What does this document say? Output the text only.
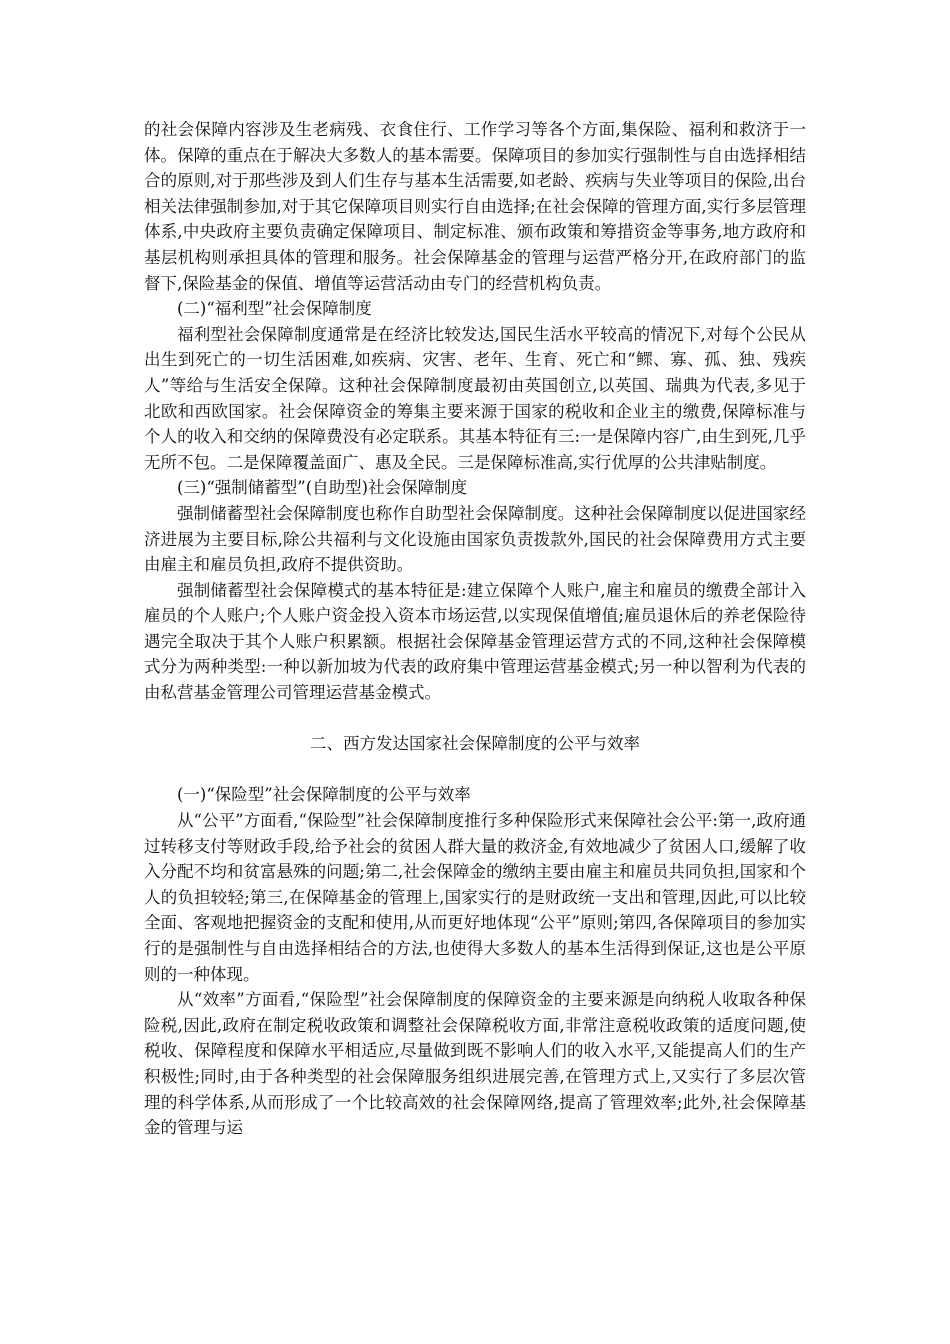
的社会保障内容涉及生老病残、衣食住行、工作学习等各个方面,集保险、福利和救济于一体。保障的重点在于解决大多数人的基本需要。保障项目的参加实行强制性与自由选择相结合的原则,对于那些涉及到人们生存与基本生活需要,如老龄、疾病与失业等项目的保险,出台相关法律强制参加,对于其它保障项目则实行自由选择;在社会保障的管理方面,实行多层管理体系,中央政府主要负责确定保障项目、制定标准、颁布政策和筹措资金等事务,地方政府和基层机构则承担具体的管理和服务。社会保障基金的管理与运营严格分开,在政府部门的监督下,保险基金的保值、增值等运营活动由专门的经营机构负责。

(二)“福利型”社会保障制度

福利型社会保障制度通常是在经济比较发达,国民生活水平较高的情况下,对每个公民从出生到死亡的一切生活困难,如疾病、灾害、老年、生育、死亡和“鳏、寡、孤、独、残疾人”等给与生活安全保障。这种社会保障制度最初由英国创立,以英国、瑞典为代表,多见于北欧和西欧国家。社会保障资金的筹集主要来源于国家的税收和企业主的缴费,保障标准与个人的收入和交纳的保障费没有必定联系。其基本特征有三:一是保障内容广,由生到死,几乎无所不包。二是保障覆盖面广、惠及全民。三是保障标准高,实行优厚的公共津贴制度。

(三)“强制储蓄型”(自助型)社会保障制度

强制储蓄型社会保障制度也称作自助型社会保障制度。这种社会保障制度以促进国家经济进展为主要目标,除公共福利与文化设施由国家负责拨款外,国民的社会保障费用方式主要由雇主和雇员负担,政府不提供资助。

强制储蓄型社会保障模式的基本特征是:建立保障个人账户,雇主和雇员的缴费全部计入雇员的个人账户;个人账户资金投入资本市场运营,以实现保值增值;雇员退休后的养老保险待遇完全取决于其个人账户积累额。根据社会保障基金管理运营方式的不同,这种社会保障模式分为两种类型:一种以新加坡为代表的政府集中管理运营基金模式;另一种以智利为代表的由私营基金管理公司管理运营基金模式。

二、西方发达国家社会保障制度的公平与效率

(一)“保险型”社会保障制度的公平与效率

从“公平”方面看,“保险型”社会保障制度推行多种保险形式来保障社会公平:第一,政府通过转移支付等财政手段,给予社会的贫困人群大量的救济金,有效地减少了贫困人口,缓解了收入分配不均和贫富悬殊的问题;第二,社会保障金的缴纳主要由雇主和雇员共同负担,国家和个人的负担较轻;第三,在保障基金的管理上,国家实行的是财政统一支出和管理,因此,可以比较全面、客观地把握资金的支配和使用,从而更好地体现“公平”原则;第四,各保障项目的参加实行的是强制性与自由选择相结合的方法,也使得大多数人的基本生活得到保证,这也是公平原则的一种体现。

从“效率”方面看,“保险型”社会保障制度的保障资金的主要来源是向纳税人收取各种保险税,因此,政府在制定税收政策和调整社会保障税收方面,非常注意税收政策的适度问题,使税收、保障程度和保障水平相适应,尽量做到既不影响人们的收入水平,又能提高人们的生产积极性;同时,由于各种类型的社会保障服务组织进展完善,在管理方式上,又实行了多层次管理的科学体系,从而形成了一个比较高效的社会保障网络,提高了管理效率;此外,社会保障基金的管理与运
